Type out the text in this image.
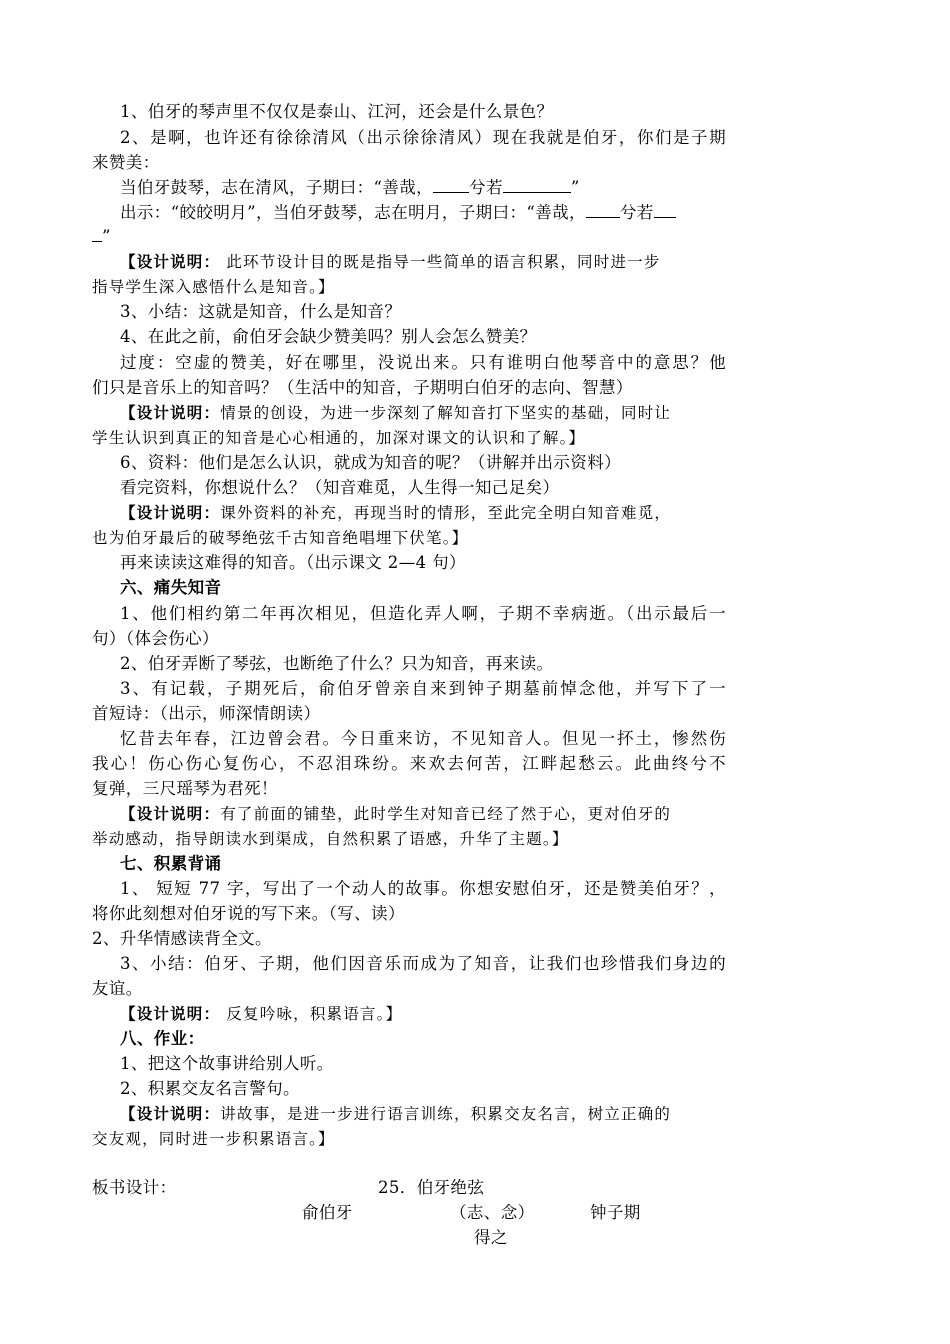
1、伯牙的琴声里不仅仅是泰山、江河，还会是什么景色？
2、是啊，也许还有徐徐清风（出示徐徐清风）现在我就是伯牙，你们是子期
来赞美：
当伯牙鼓琴，志在清风，子期曰：“善哉， 兮若	”
出示：“皎皎明月”，当伯牙鼓琴，志在明月，子期曰：“善哉， 兮若
”
【设计说明： 此环节设计目的既是指导一些简单的语言积累，同时进一步
指导学生深入感悟什么是知音。】
3、小结：这就是知音，什么是知音？
4、在此之前，俞伯牙会缺少赞美吗？别人会怎么赞美？
过度：空虚的赞美，好在哪里，没说出来。只有谁明白他琴音中的意思？他
们只是音乐上的知音吗？（生活中的知音，子期明白伯牙的志向、智慧）
【设计说明：情景的创设，为进一步深刻了解知音打下坚实的基础，同时让
学生认识到真正的知音是心心相通的，加深对课文的认识和了解。】
6、资料：他们是怎么认识，就成为知音的呢？（讲解并出示资料）
看完资料，你想说什么？（知音难觅，人生得一知己足矣）
【设计说明：课外资料的补充，再现当时的情形，至此完全明白知音难觅，
也为伯牙最后的破琴绝弦千古知音绝唱埋下伏笔。】
再来读读这难得的知音。（出示课文 2—4 句）
六、痛失知音
1、他们相约第二年再次相见，但造化弄人啊，子期不幸病逝。（出示最后一
句）（体会伤心）
2、伯牙弄断了琴弦，也断绝了什么？只为知音，再来读。
3、有记载，子期死后，俞伯牙曾亲自来到钟子期墓前悼念他，并写下了一
首短诗：（出示，师深情朗读）
忆昔去年春，江边曾会君。今日重来访，不见知音人。但见一抔土，惨然伤
我心！伤心伤心复伤心，不忍泪珠纷。来欢去何苦，江畔起愁云。此曲终兮不
复弹，三尺瑶琴为君死！
【设计说明：有了前面的铺垫，此时学生对知音已经了然于心，更对伯牙的
举动感动，指导朗读水到渠成，自然积累了语感，升华了主题。】
七、积累背诵
1、 短短 77 字，写出了一个动人的故事。你想安慰伯牙，还是赞美伯牙？，
将你此刻想对伯牙说的写下来。（写、读）
2、升华情感读背全文。
3、小结：伯牙、子期，他们因音乐而成为了知音，让我们也珍惜我们身边的
友谊。
【设计说明： 反复吟咏，积累语言。】
八、作业：
1、把这个故事讲给别人听。
2、积累交友名言警句。
【设计说明：讲故事，是进一步进行语言训练，积累交友名言，树立正确的
交友观，同时进一步积累语言。】
板书设计：	25．伯牙绝弦
俞伯牙	（志、念）	钟子期
得之
